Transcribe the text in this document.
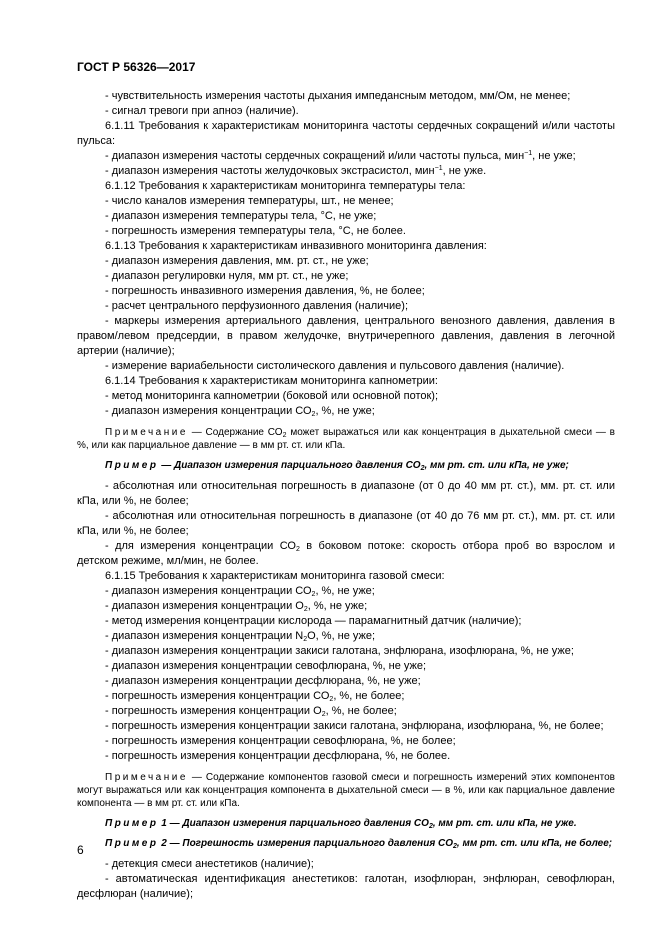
ГОСТ Р 56326—2017

- чувствительность измерения частоты дыхания импедансным методом, мм/Ом, не менее;

- сигнал тревоги при апноэ (наличие).

6.1.11 Требования к характеристикам мониторинга частоты сердечных сокращений и/или частоты пульса:

- диапазон измерения частоты сердечных сокращений и/или частоты пульса, мин$^{-1}$, не уже;

- диапазон измерения частоты желудочковых экстрасистол, мин$^{-1}$, не уже.

6.1.12 Требования к характеристикам мониторинга температуры тела:

- число каналов измерения температуры, шт., не менее;

- диапазон измерения температуры тела, °С, не уже;

- погрешность измерения температуры тела, °С, не более.

6.1.13 Требования к характеристикам инвазивного мониторинга давления:

- диапазон измерения давления, мм. рт. ст., не уже;

- диапазон регулировки нуля, мм рт. ст., не уже;

- погрешность инвазивного измерения давления, %, не более;

- расчет центрального перфузионного давления (наличие);

- маркеры измерения артериального давления, центрального венозного давления, давления в правом/левом предсердии, в правом желудочке, внутричерепного давления, давления в легочной артерии (наличие);

- измерение вариабельности систолического давления и пульсового давления (наличие).

6.1.14 Требования к характеристикам мониторинга капнометрии:

- метод мониторинга капнометрии (боковой или основной поток);

- диапазон измерения концентрации $СО_2$, %, не уже;

Примечание — Содержание $СО_2$ может выражаться или как концентрация в дыхательной смеси — в %, или как парциальное давление — в мм рт. ст. или кПа.

Пример — Диапазон измерения парциального давления $СО_2$, мм рт. ст. или кПа, не уже;

- абсолютная или относительная погрешность в диапазоне (от 0 до 40 мм рт. ст.), мм. рт. ст. или кПа, или %, не более;

- абсолютная или относительная погрешность в диапазоне (от 40 до 76 мм рт. ст.), мм. рт. ст. или кПа, или %, не более;

- для измерения концентрации $СО_2$ в боковом потоке: скорость отбора проб во взрослом и детском режиме, мл/мин, не более.

6.1.15 Требования к характеристикам мониторинга газовой смеси:

- диапазон измерения концентрации $СО_2$, %, не уже;

- диапазон измерения концентрации $О_2$, %, не уже;

- метод измерения концентрации кислорода — парамагнитный датчик (наличие);

- диапазон измерения концентрации $N_2O$, %, не уже;

- диапазон измерения концентрации закиси галотана, энфлюрана, изофлюрана, %, не уже;

- диапазон измерения концентрации севофлюрана, %, не уже;

- диапазон измерения концентрации десфлюрана, %, не уже;

- погрешность измерения концентрации $СО_2$, %, не более;

- погрешность измерения концентрации $О_2$, %, не более;

- погрешность измерения концентрации закиси галотана, энфлюрана, изофлюрана, %, не более;

- погрешность измерения концентрации севофлюрана, %, не более;

- погрешность измерения концентрации десфлюрана, %, не более.

Примечание — Содержание компонентов газовой смеси и погрешность измерений этих компонентов могут выражаться или как концентрация компонента в дыхательной смеси — в %, или как парциальное давление компонента — в мм рт. ст. или кПа.

Пример 1 — Диапазон измерения парциального давления $СО_2$, мм рт. ст. или кПа, не уже.

Пример 2 — Погрешность измерения парциального давления $СО_2$, мм рт. ст. или кПа, не более;

- детекция смеси анестетиков (наличие);

- автоматическая идентификация анестетиков: галотан, изофлюран, энфлюран, севофлюран, десфлюран (наличие);

6
